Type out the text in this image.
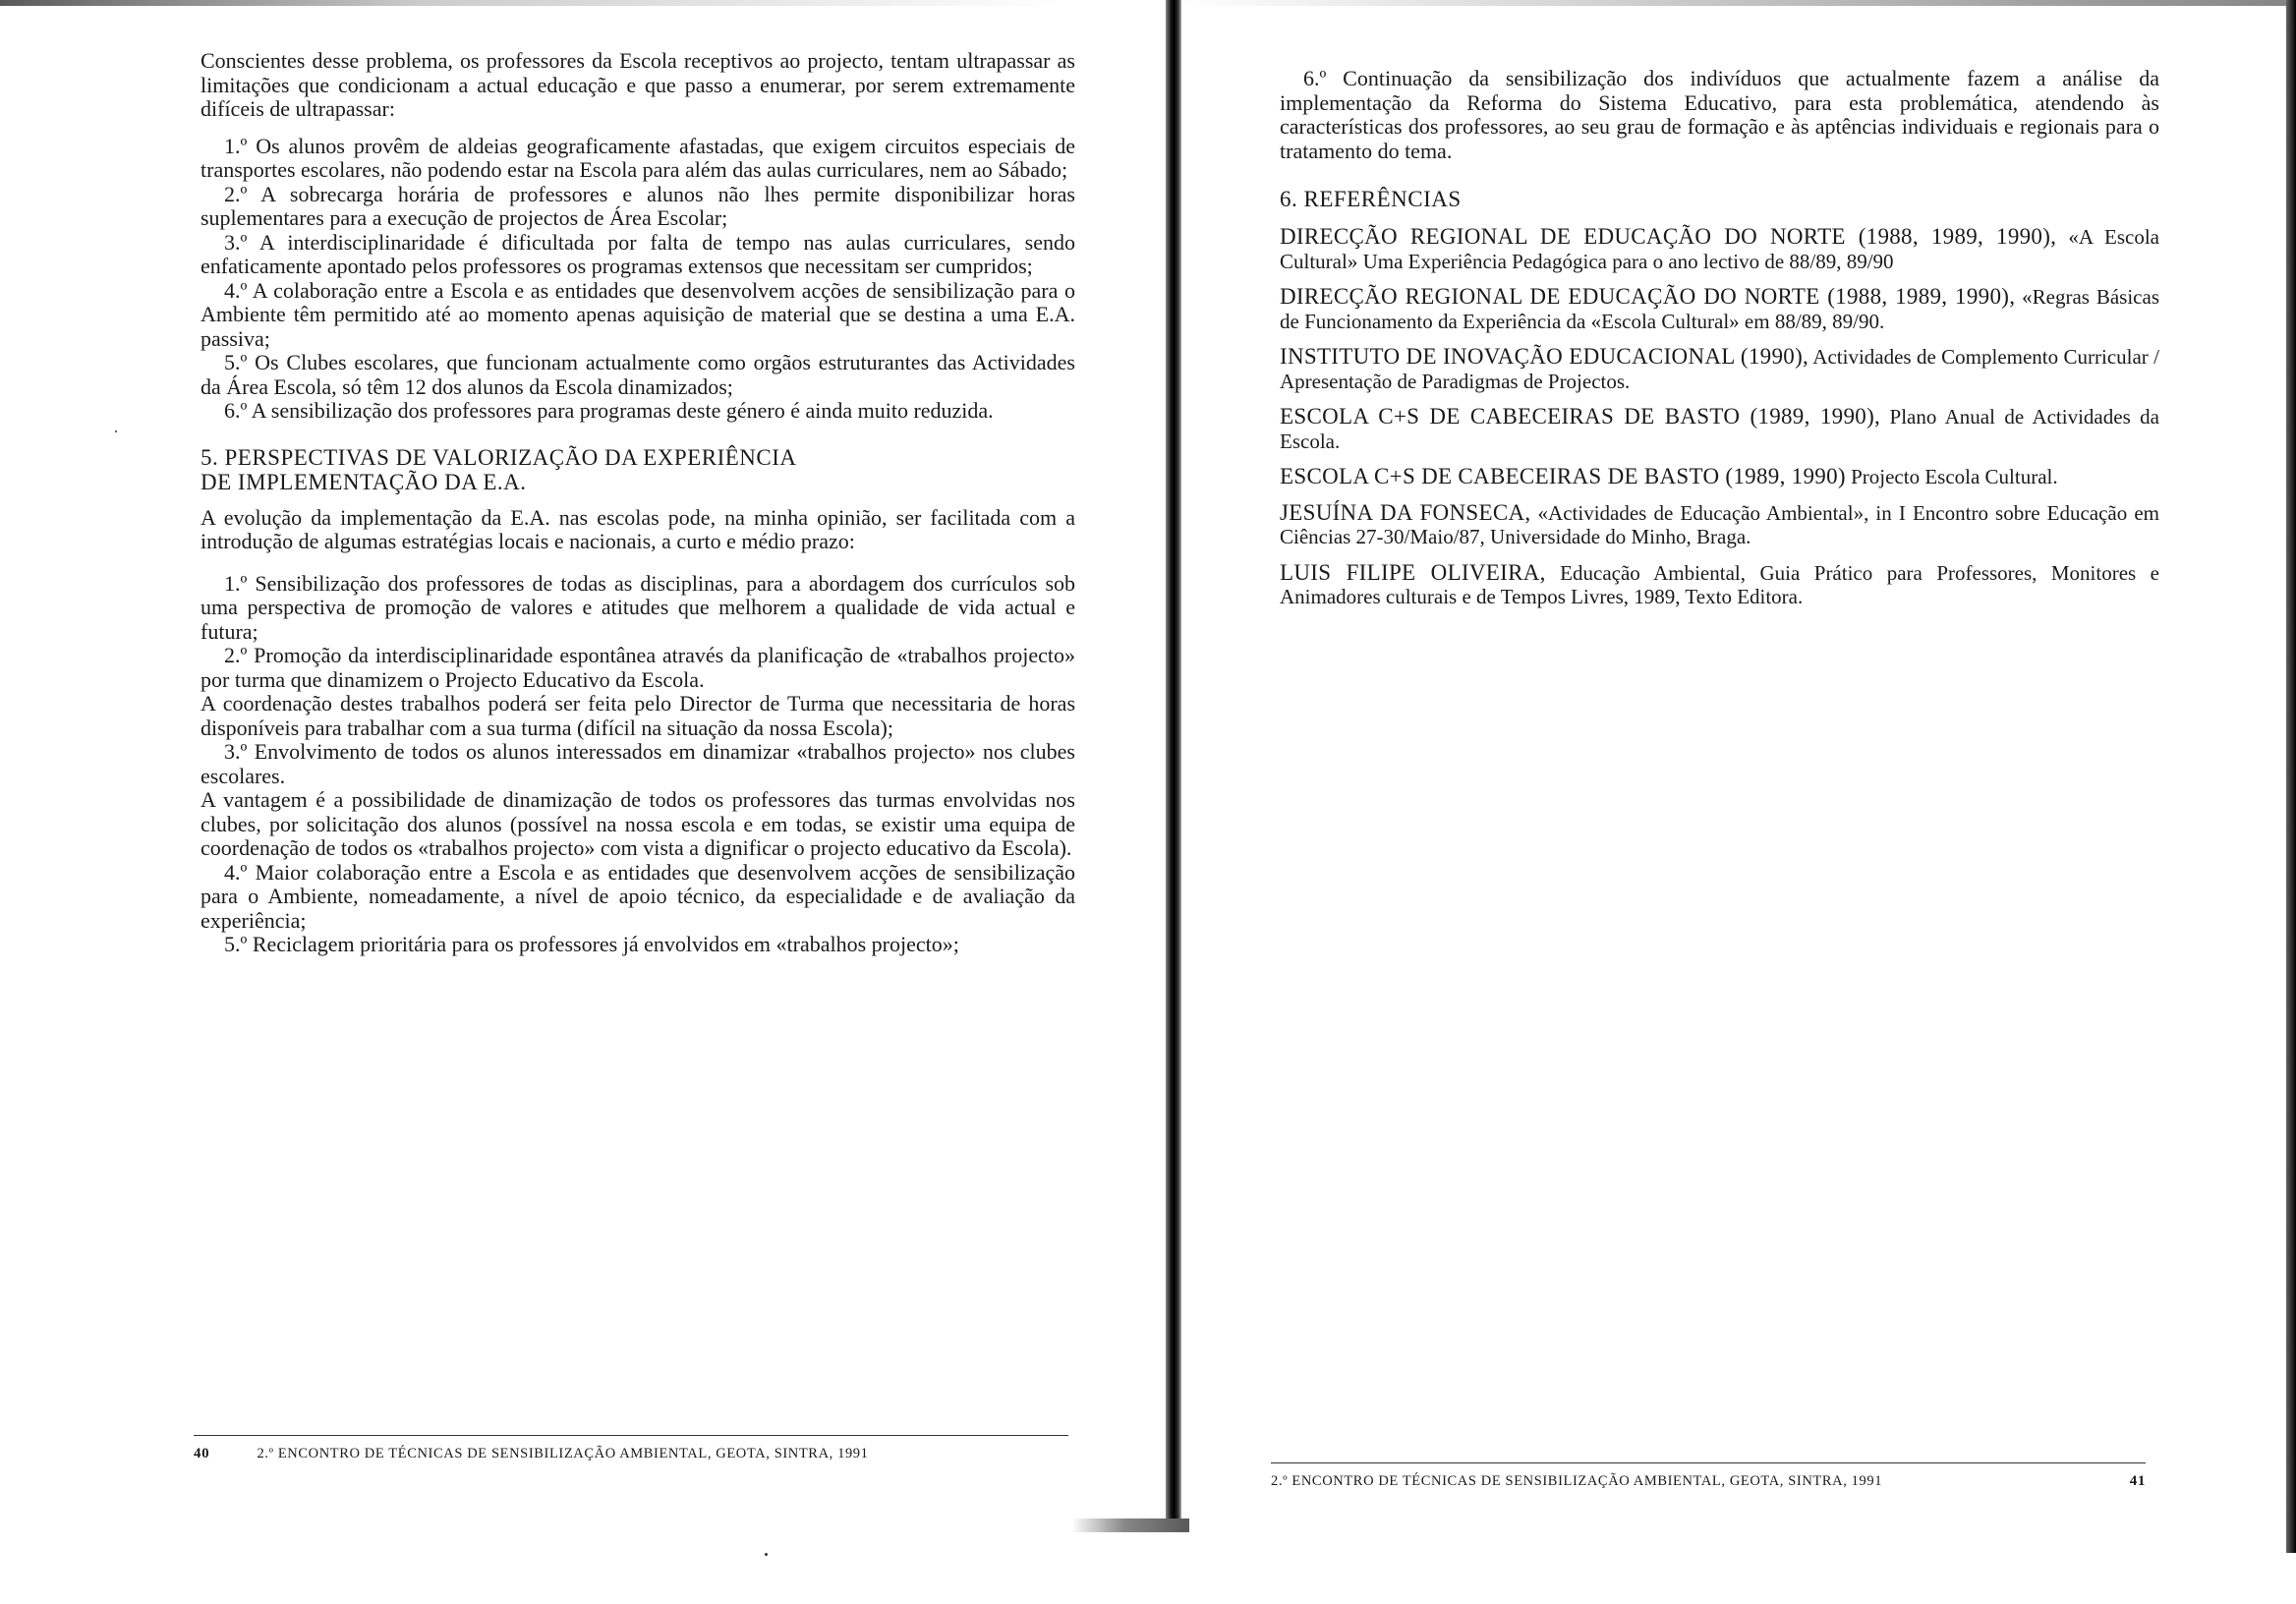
Conscientes desse problema, os professores da Escola receptivos ao projecto, tentam ultrapassar as limitações que condicionam a actual educação e que passo a enumerar, por serem extremamente difíceis de ultrapassar:

1.º Os alunos provêm de aldeias geograficamente afastadas, que exigem circuitos especiais de transportes escolares, não podendo estar na Escola para além das aulas curriculares, nem ao Sábado;

2.º A sobrecarga horária de professores e alunos não lhes permite disponibilizar horas suplementares para a execução de projectos de Área Escolar;

3.º A interdisciplinaridade é dificultada por falta de tempo nas aulas curriculares, sendo enfaticamente apontado pelos professores os programas extensos que necessitam ser cumpridos;

4.º A colaboração entre a Escola e as entidades que desenvolvem acções de sensibilização para o Ambiente têm permitido até ao momento apenas aquisição de material que se destina a uma E.A. passiva;

5.º Os Clubes escolares, que funcionam actualmente como orgãos estruturantes das Actividades da Área Escola, só têm 12 dos alunos da Escola dinamizados;

6.º A sensibilização dos professores para programas deste género é ainda muito reduzida.

5. PERSPECTIVAS DE VALORIZAÇÃO DA EXPERIÊNCIA
DE IMPLEMENTAÇÃO DA E.A.

A evolução da implementação da E.A. nas escolas pode, na minha opinião, ser facilitada com a introdução de algumas estratégias locais e nacionais, a curto e médio prazo:

1.º Sensibilização dos professores de todas as disciplinas, para a abordagem dos currículos sob uma perspectiva de promoção de valores e atitudes que melhorem a qualidade de vida actual e futura;

2.º Promoção da interdisciplinaridade espontânea através da planificação de «trabalhos projecto» por turma que dinamizem o Projecto Educativo da Escola.

A coordenação destes trabalhos poderá ser feita pelo Director de Turma que necessitaria de horas disponíveis para trabalhar com a sua turma (difícil na situação da nossa Escola);

3.º Envolvimento de todos os alunos interessados em dinamizar «trabalhos projecto» nos clubes escolares.

A vantagem é a possibilidade de dinamização de todos os professores das turmas envolvidas nos clubes, por solicitação dos alunos (possível na nossa escola e em todas, se existir uma equipa de coordenação de todos os «trabalhos projecto» com vista a dignificar o projecto educativo da Escola).

4.º Maior colaboração entre a Escola e as entidades que desenvolvem acções de sensibilização para o Ambiente, nomeadamente, a nível de apoio técnico, da especialidade e de avaliação da experiência;

5.º Reciclagem prioritária para os professores já envolvidos em «trabalhos projecto»;

40	2.º ENCONTRO DE TÉCNICAS DE SENSIBILIZAÇÃO AMBIENTAL, GEOTA, SINTRA, 1991

6.º Continuação da sensibilização dos indivíduos que actualmente fazem a análise da implementação da Reforma do Sistema Educativo, para esta problemática, atendendo às características dos professores, ao seu grau de formação e às aptências individuais e regionais para o tratamento do tema.

6. REFERÊNCIAS

DIRECÇÃO REGIONAL DE EDUCAÇÃO DO NORTE (1988, 1989, 1990), «A Escola Cultural» Uma Experiência Pedagógica para o ano lectivo de 88/89, 89/90

DIRECÇÃO REGIONAL DE EDUCAÇÃO DO NORTE (1988, 1989, 1990), «Regras Básicas de Funcionamento da Experiência da «Escola Cultural» em 88/89, 89/90.

INSTITUTO DE INOVAÇÃO EDUCACIONAL (1990), Actividades de Complemento Curricular / Apresentação de Paradigmas de Projectos.

ESCOLA C+S DE CABECEIRAS DE BASTO (1989, 1990), Plano Anual de Actividades da Escola.

ESCOLA C+S DE CABECEIRAS DE BASTO (1989, 1990) Projecto Escola Cultural.

JESUÍNA DA FONSECA, «Actividades de Educação Ambiental», in I Encontro sobre Educação em Ciências 27-30/Maio/87, Universidade do Minho, Braga.

LUIS FILIPE OLIVEIRA, Educação Ambiental, Guia Prático para Professores, Monitores e Animadores culturais e de Tempos Livres, 1989, Texto Editora.

41
2.º ENCONTRO DE TÉCNICAS DE SENSIBILIZAÇÃO AMBIENTAL, GEOTA, SINTRA, 1991
